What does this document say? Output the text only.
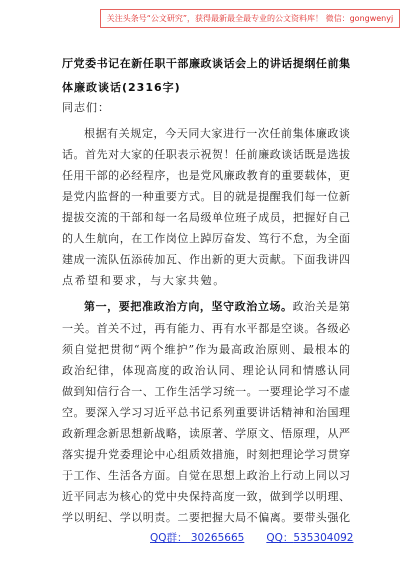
关注头条号“公文研究”，获得最新最全最专业的公文资料库！ 微信：gongwenyj
厅党委书记在新任职干部廉政谈话会上的讲话提纲任前集
体廉政谈话(2316字)
同志们：
根据有关规定，今天同大家进行一次任前集体廉政谈
话。首先对大家的任职表示祝贺！任前廉政谈话既是选拔
任用干部的必经程序，也是党风廉政教育的重要载体，更
是党内监督的一种重要方式。目的就是提醒我们每一位新
提拔交流的干部和每一名局级单位班子成员，把握好自己
的人生航向，在工作岗位上踔厉奋发、笃行不怠，为全面
建成一流队伍添砖加瓦、作出新的更大贡献。下面我讲四
点希望和要求，与大家共勉。
第一，要把准政治方向，坚守政治立场。政治关是第
一关。首关不过，再有能力、再有水平都是空谈。各级必
须自觉把贯彻“两个维护”作为最高政治原则、最根本的
政治纪律，体现高度的政治认同、理论认同和情感认同
做到知信行合一、工作生活学习统一。一要理论学习不虚
空。要深入学习习近平总书记系列重要讲话精神和治国理
政新理念新思想新战略，读原著、学原文、悟原理，从严
落实提升党委理论中心组质效措施，时刻把理论学习贯穿
于工作、生活各方面。自觉在思想上政治上行动上同以习
近平同志为核心的党中央保持高度一致，做到学以明理、
学以明纪、学以明责。二要把握大局不偏离。要带头强化
QQ群： 30265665 QQ：535304092
